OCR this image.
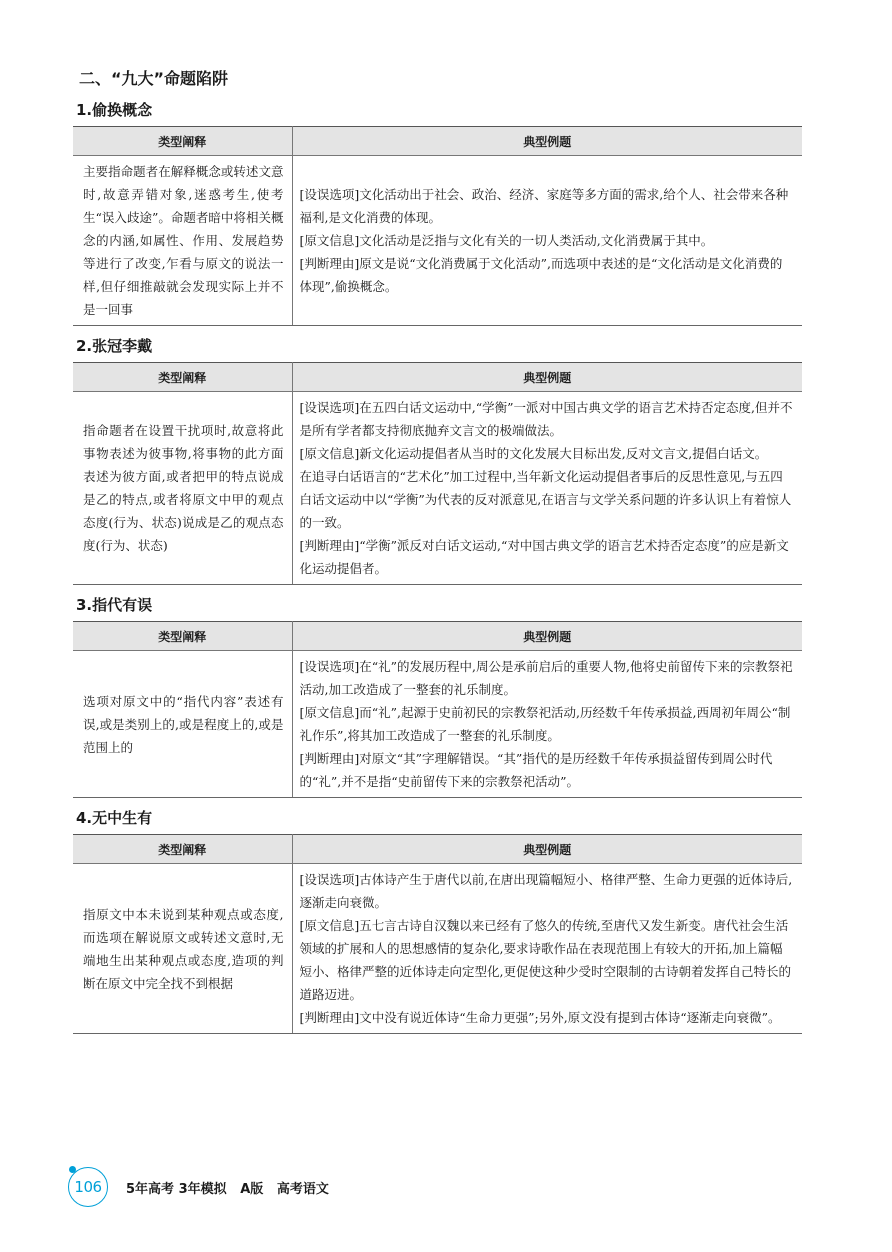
二、“九大”命题陷阱
1.偷换概念
类型阐释	典型例题
主要指命题者在解释概念或转述文意时,故意弄错对象,迷惑考生,使考生“误入歧途”。命题者暗中将相关概念的内涵,如属性、作用、发展趋势等进行了改变,乍看与原文的说法一样,但仔细推敲就会发现实际上并不是一回事	[设误选项]文化活动出于社会、政治、经济、家庭等多方面的需求,给个人、社会带来各种福利,是文化消费的体现。

[原文信息]文化活动是泛指与文化有关的一切人类活动,文化消费属于其中。

[判断理由]原文是说“文化消费属于文化活动”,而选项中表述的是“文化活动是文化消费的体现”,偷换概念。

2.张冠李戴
类型阐释	典型例题
指命题者在设置干扰项时,故意将此事物表述为彼事物,将事物的此方面表述为彼方面,或者把甲的特点说成是乙的特点,或者将原文中甲的观点态度(行为、状态)说成是乙的观点态度(行为、状态)	[设误选项]在五四白话文运动中,“学衡”一派对中国古典文学的语言艺术持否定态度,但并不是所有学者都支持彻底抛弃文言文的极端做法。

[原文信息]新文化运动提倡者从当时的文化发展大目标出发,反对文言文,提倡白话文。

在追寻白话语言的“艺术化”加工过程中,当年新文化运动提倡者事后的反思性意见,与五四白话文运动中以“学衡”为代表的反对派意见,在语言与文学关系问题的许多认识上有着惊人的一致。

[判断理由]“学衡”派反对白话文运动,“对中国古典文学的语言艺术持否定态度”的应是新文化运动提倡者。

3.指代有误
类型阐释	典型例题
选项对原文中的“指代内容”表述有误,或是类别上的,或是程度上的,或是范围上的	[设误选项]在“礼”的发展历程中,周公是承前启后的重要人物,他将史前留传下来的宗教祭祀活动,加工改造成了一整套的礼乐制度。

[原文信息]而“礼”,起源于史前初民的宗教祭祀活动,历经数千年传承损益,西周初年周公“制礼作乐”,将其加工改造成了一整套的礼乐制度。

[判断理由]对原文“其”字理解错误。“其”指代的是历经数千年传承损益留传到周公时代的“礼”,并不是指“史前留传下来的宗教祭祀活动”。

4.无中生有
类型阐释	典型例题
指原文中本未说到某种观点或态度,而选项在解说原文或转述文意时,无端地生出某种观点或态度,造项的判断在原文中完全找不到根据	[设误选项]古体诗产生于唐代以前,在唐出现篇幅短小、格律严整、生命力更强的近体诗后,逐渐走向衰微。

[原文信息]五七言古诗自汉魏以来已经有了悠久的传统,至唐代又发生新变。唐代社会生活领域的扩展和人的思想感情的复杂化,要求诗歌作品在表现范围上有较大的开拓,加上篇幅短小、格律严整的近体诗走向定型化,更促使这种少受时空限制的古诗朝着发挥自己特长的道路迈进。

[判断理由]文中没有说近体诗“生命力更强”;另外,原文没有提到古体诗“逐渐走向衰微”。

106	5年高考 3年模拟 A版 高考语文
